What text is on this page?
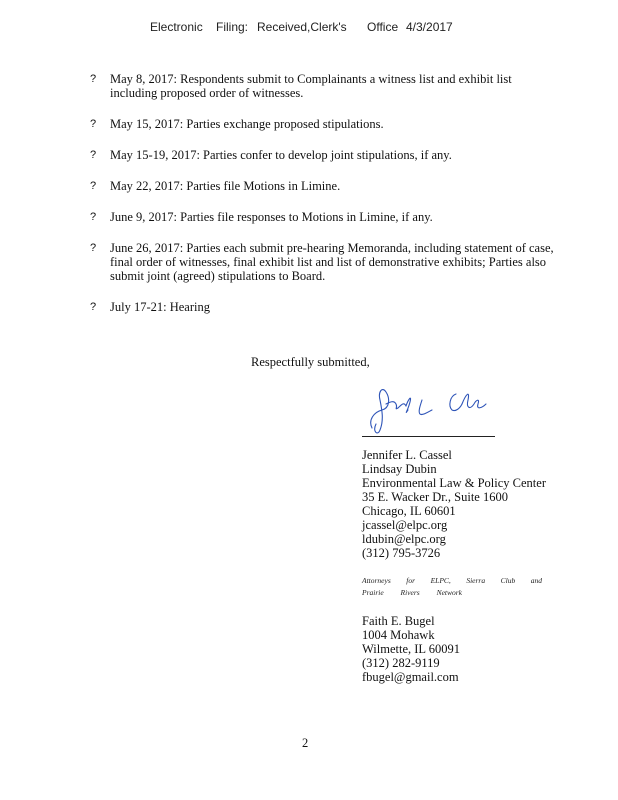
Electronic Filing: Received,Clerk's Office 4/3/2017
?	May 8, 2017: Respondents submit to Complainants a witness list and exhibit list
including proposed order of witnesses.
?	May 15, 2017: Parties exchange proposed stipulations.
?	May 15-19, 2017: Parties confer to develop joint stipulations, if any.
?	May 22, 2017: Parties file Motions in Limine.
?	June 9, 2017: Parties file responses to Motions in Limine, if any.
?	June 26, 2017: Parties each submit pre-hearing Memoranda, including statement of case,
final order of witnesses, final exhibit list and list of demonstrative exhibits; Parties also
submit joint (agreed) stipulations to Board.
?	July 17-21: Hearing
Respectfully submitted,
Jennifer L. Cassel
Lindsay Dubin
Environmental Law & Policy Center
35 E. Wacker Dr., Suite 1600
Chicago, IL 60601
jcassel@elpc.org
ldubin@elpc.org
(312) 795-3726
Attorneys for ELPC, Sierra Club and
Prairie Rivers Network
Faith E. Bugel
1004 Mohawk
Wilmette, IL 60091
(312) 282-9119
fbugel@gmail.com
2
